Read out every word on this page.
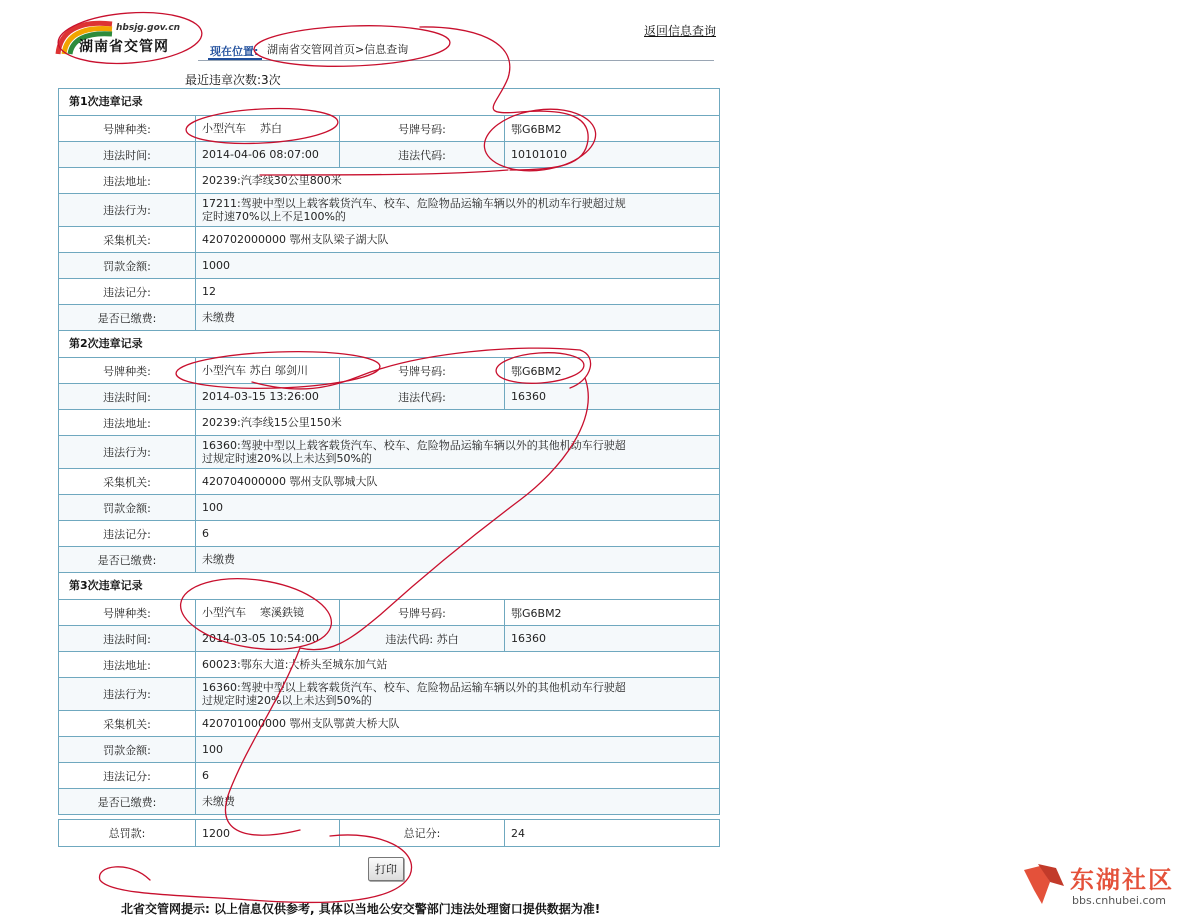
hbsjg.gov.cn
湖南省交管网	现在位置: 湖南省交管网首页>信息查询
返回信息查询
最近违章次数:3次
第1次违章记录
号牌种类:	小型汽车    苏白	号牌号码:	鄂G6BM2
违法时间:	2014-04-06 08:07:00	违法代码:	10101010
违法地址:	20239:汽李线30公里800米
违法行为:
17211:驾驶中型以上载客载货汽车、校车、危险物品运输车辆以外的机动车行驶超过规
定时速70%以上不足100%的
采集机关:	420702000000 鄂州支队梁子湖大队
罚款金额:	1000
违法记分:	12
是否已缴费:	未缴费
第2次违章记录
号牌种类:	小型汽车 苏白 邬剑川	号牌号码:	鄂G6BM2
违法时间:	2014-03-15 13:26:00	违法代码:	16360
违法地址:	20239:汽李线15公里150米
违法行为:
16360:驾驶中型以上载客载货汽车、校车、危险物品运输车辆以外的其他机动车行驶超
过规定时速20%以上未达到50%的
采集机关:	420704000000 鄂州支队鄂城大队
罚款金额:	100
违法记分:	6
是否已缴费:	未缴费
第3次违章记录
号牌种类:	小型汽车    寒溪鉄镜	号牌号码:	鄂G6BM2
违法时间:	2014-03-05 10:54:00	违法代码: 苏白	16360
违法地址:	60023:鄂东大道:大桥头至城东加气站
违法行为:
16360:驾驶中型以上载客载货汽车、校车、危险物品运输车辆以外的其他机动车行驶超
过规定时速20%以上未达到50%的
采集机关:	420701000000 鄂州支队鄂黄大桥大队
罚款金额:	100
违法记分:	6
是否已缴费:	未缴费
总罚款:	1200	总记分:	24
打印
北省交管网提示: 以上信息仅供参考, 具体以当地公安交警部门违法处理窗口提供数据为准!
东湖社区
bbs.cnhubei.com
